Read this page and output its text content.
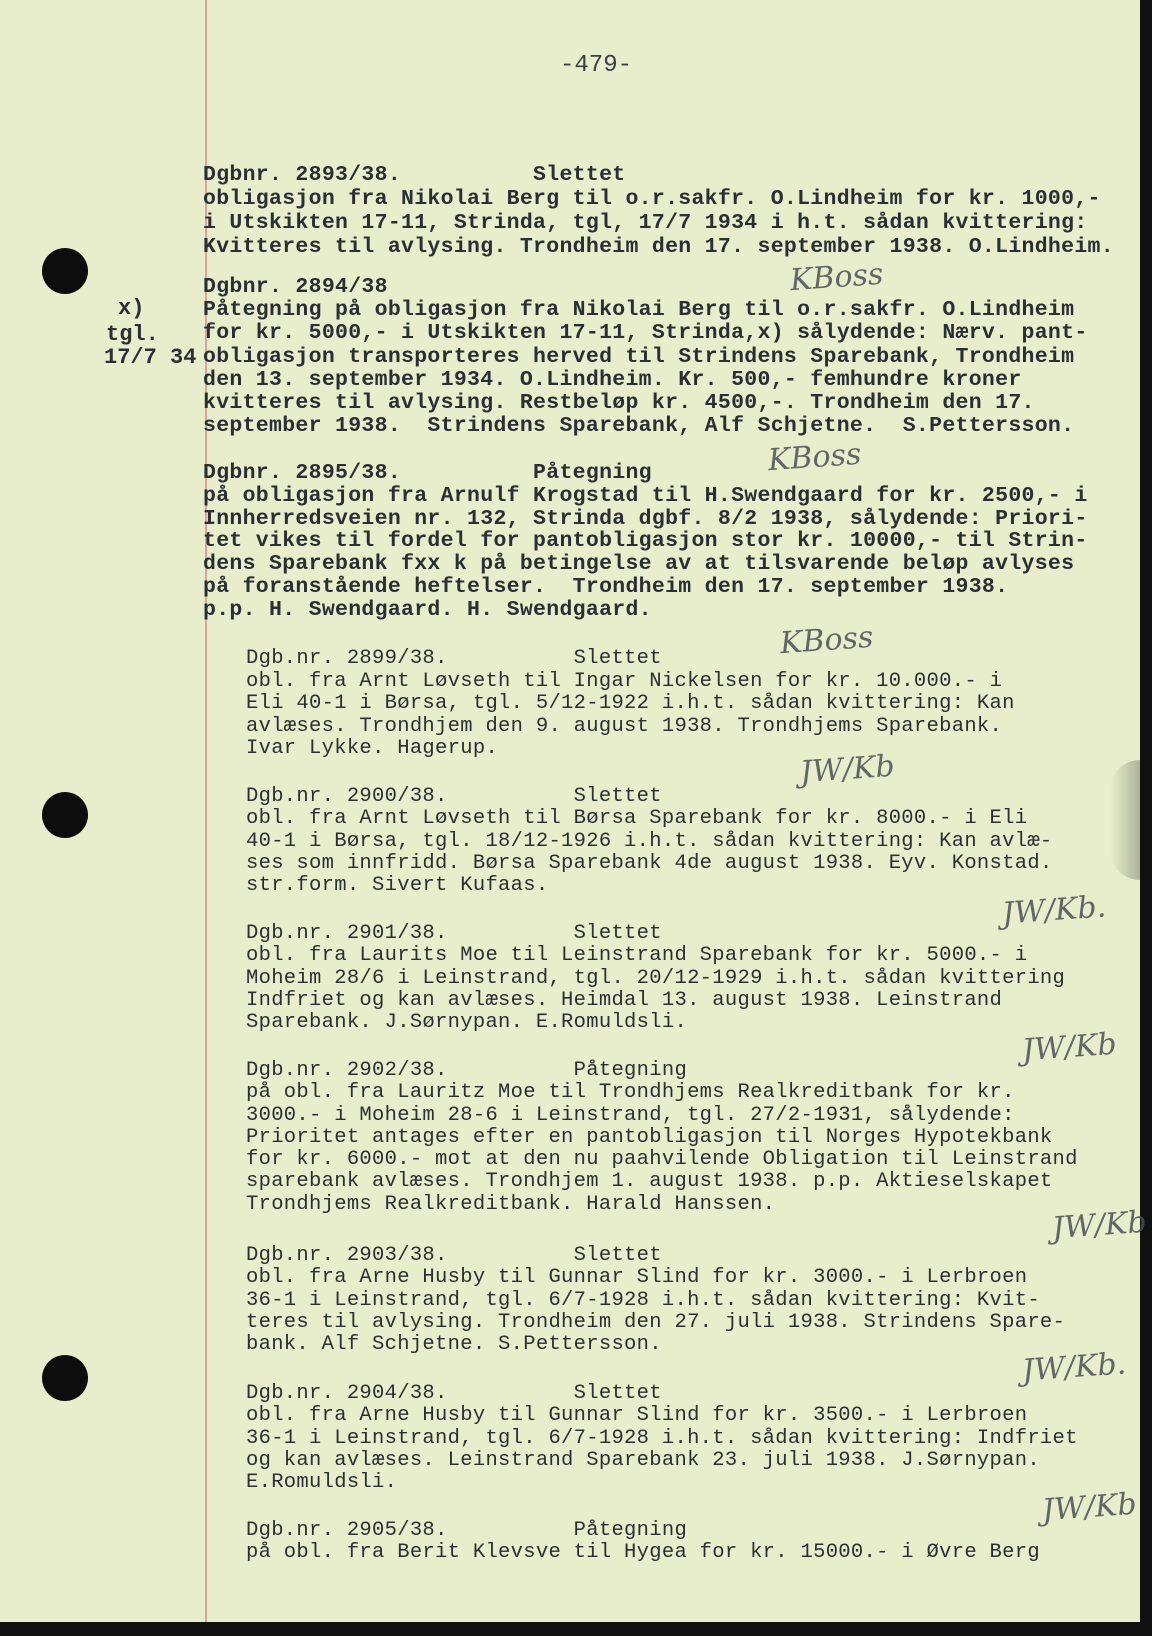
-479-
x)
tgl.
17/7 34
Dgbnr. 2893/38.          Slettet
obligasjon fra Nikolai Berg til o.r.sakfr. O.Lindheim for kr. 1000,-
i Utskikten 17-11, Strinda, tgl, 17/7 1934 i h.t. sådan kvittering:
Kvitteres til avlysing. Trondheim den 17. september 1938. O.Lindheim.
Dgbnr. 2894/38
Påtegning på obligasjon fra Nikolai Berg til o.r.sakfr. O.Lindheim
for kr. 5000,- i Utskikten 17-11, Strinda,x) sålydende: Nærv. pant-
obligasjon transporteres herved til Strindens Sparebank, Trondheim
den 13. september 1934. O.Lindheim. Kr. 500,- femhundre kroner
kvitteres til avlysing. Restbeløp kr. 4500,-. Trondheim den 17.
september 1938.  Strindens Sparebank, Alf Schjetne.  S.Pettersson.
Dgbnr. 2895/38.          Påtegning
på obligasjon fra Arnulf Krogstad til H.Swendgaard for kr. 2500,- i
Innherredsveien nr. 132, Strinda dgbf. 8/2 1938, sålydende: Priori-
tet vikes til fordel for pantobligasjon stor kr. 10000,- til Strin-
dens Sparebank fxx k på betingelse av at tilsvarende beløp avlyses
på foranstående heftelser.  Trondheim den 17. september 1938.
p.p. H. Swendgaard. H. Swendgaard.
Dgb.nr. 2899/38.          Slettet
obl. fra Arnt Løvseth til Ingar Nickelsen for kr. 10.000.- i
Eli 40-1 i Børsa, tgl. 5/12-1922 i.h.t. sådan kvittering: Kan
avlæses. Trondhjem den 9. august 1938. Trondhjems Sparebank.
Ivar Lykke. Hagerup.
Dgb.nr. 2900/38.          Slettet
obl. fra Arnt Løvseth til Børsa Sparebank for kr. 8000.- i Eli
40-1 i Børsa, tgl. 18/12-1926 i.h.t. sådan kvittering: Kan avlæ-
ses som innfridd. Børsa Sparebank 4de august 1938. Eyv. Konstad.
str.form. Sivert Kufaas.
Dgb.nr. 2901/38.          Slettet
obl. fra Laurits Moe til Leinstrand Sparebank for kr. 5000.- i
Moheim 28/6 i Leinstrand, tgl. 20/12-1929 i.h.t. sådan kvittering
Indfriet og kan avlæses. Heimdal 13. august 1938. Leinstrand
Sparebank. J.Sørnypan. E.Romuldsli.
Dgb.nr. 2902/38.          Påtegning
på obl. fra Lauritz Moe til Trondhjems Realkreditbank for kr.
3000.- i Moheim 28-6 i Leinstrand, tgl. 27/2-1931, sålydende:
Prioritet antages efter en pantobligasjon til Norges Hypotekbank
for kr. 6000.- mot at den nu paahvilende Obligation til Leinstrand
sparebank avlæses. Trondhjem 1. august 1938. p.p. Aktieselskapet
Trondhjems Realkreditbank. Harald Hanssen.
Dgb.nr. 2903/38.          Slettet
obl. fra Arne Husby til Gunnar Slind for kr. 3000.- i Lerbroen
36-1 i Leinstrand, tgl. 6/7-1928 i.h.t. sådan kvittering: Kvit-
teres til avlysing. Trondheim den 27. juli 1938. Strindens Spare-
bank. Alf Schjetne. S.Pettersson.
Dgb.nr. 2904/38.          Slettet
obl. fra Arne Husby til Gunnar Slind for kr. 3500.- i Lerbroen
36-1 i Leinstrand, tgl. 6/7-1928 i.h.t. sådan kvittering: Indfriet
og kan avlæses. Leinstrand Sparebank 23. juli 1938. J.Sørnypan.
E.Romuldsli.
Dgb.nr. 2905/38.          Påtegning
på obl. fra Berit Klevsve til Hygea for kr. 15000.- i Øvre Berg
KBoss
KBoss
KBoss
JW/Kb
JW/Kb.
JW/Kb
JW/Kb
JW/Kb.
JW/Kb
